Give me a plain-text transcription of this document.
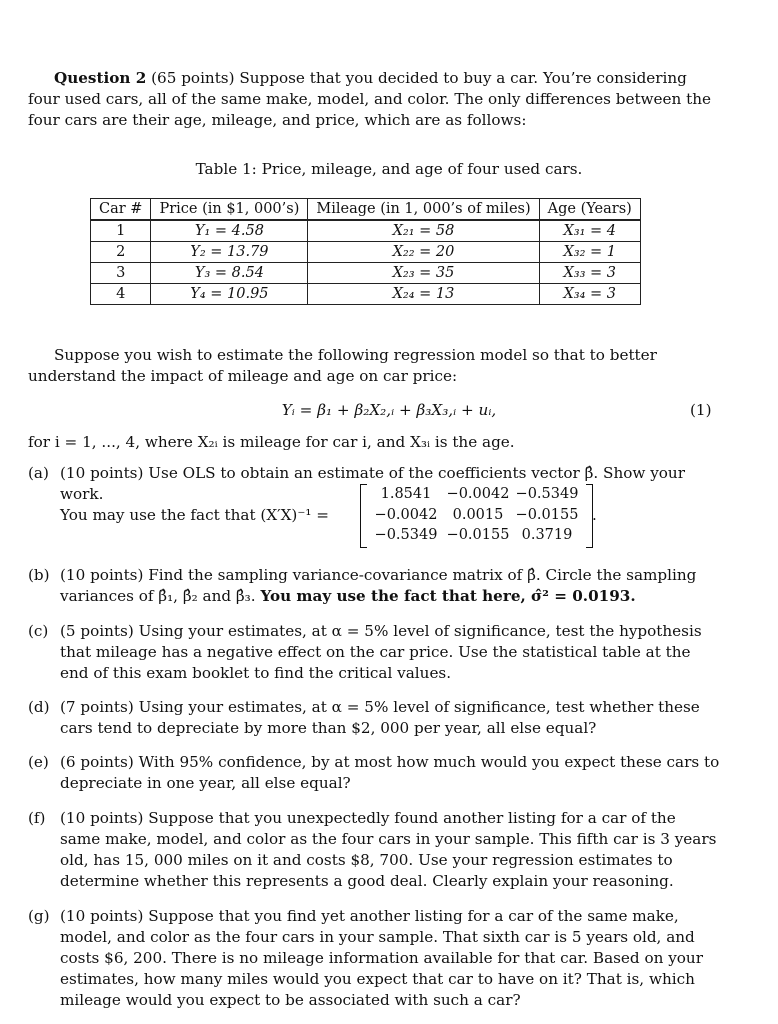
Question 2 (65 points) Suppose that you decided to buy a car. You’re considering four used cars, all of the same make, model, and color. The only differences between the four cars are their age, mileage, and price, which are as follows:

Table 1: Price, mileage, and age of four used cars.
Car #	Price (in $1, 000’s)	Mileage (in 1, 000’s of miles)	Age (Years)
1	Y₁ = 4.58	X₂₁ = 58	X₃₁ = 4
2	Y₂ = 13.79	X₂₂ = 20	X₃₂ = 1
3	Y₃ = 8.54	X₂₃ = 35	X₃₃ = 3
4	Y₄ = 10.95	X₂₄ = 13	X₃₄ = 3

Suppose you wish to estimate the following regression model so that to better understand the impact of mileage and age on car price:

Yᵢ = β₁ + β₂X₂,ᵢ + β₃X₃,ᵢ + uᵢ,	(1)

for i = 1, ..., 4, where X₂ᵢ is mileage for car i, and X₃ᵢ is the age.

(a) (10 points) Use OLS to obtain an estimate of the coefficients vector β̂. Show your work.
You may use the fact that (X′X)⁻¹ =
1.8541	−0.0042 −0.5349
−0.0042	0.0015 −0.0155
−0.5349 −0.0155 0.3719
.
(b) (10 points) Find the sampling variance-covariance matrix of β̂. Circle the sampling variances of β̂₁, β̂₂ and β̂₃. You may use the fact that here, σ̂² = 0.0193.
(c) (5 points) Using your estimates, at α = 5% level of significance, test the hypothesis that mileage has a negative effect on the car price. Use the statistical table at the end of this exam booklet to find the critical values.
(d) (7 points) Using your estimates, at α = 5% level of significance, test whether these cars tend to depreciate by more than $2, 000 per year, all else equal?
(e) (6 points) With 95% confidence, by at most how much would you expect these cars to depreciate in one year, all else equal?
(f) (10 points) Suppose that you unexpectedly found another listing for a car of the same make, model, and color as the four cars in your sample. This fifth car is 3 years old, has 15, 000 miles on it and costs $8, 700. Use your regression estimates to determine whether this represents a good deal. Clearly explain your reasoning.
(g) (10 points) Suppose that you find yet another listing for a car of the same make, model, and color as the four cars in your sample. That sixth car is 5 years old, and costs $6, 200. There is no mileage information available for that car. Based on your estimates, how many miles would you expect that car to have on it? That is, which mileage would you expect to be associated with such a car?
